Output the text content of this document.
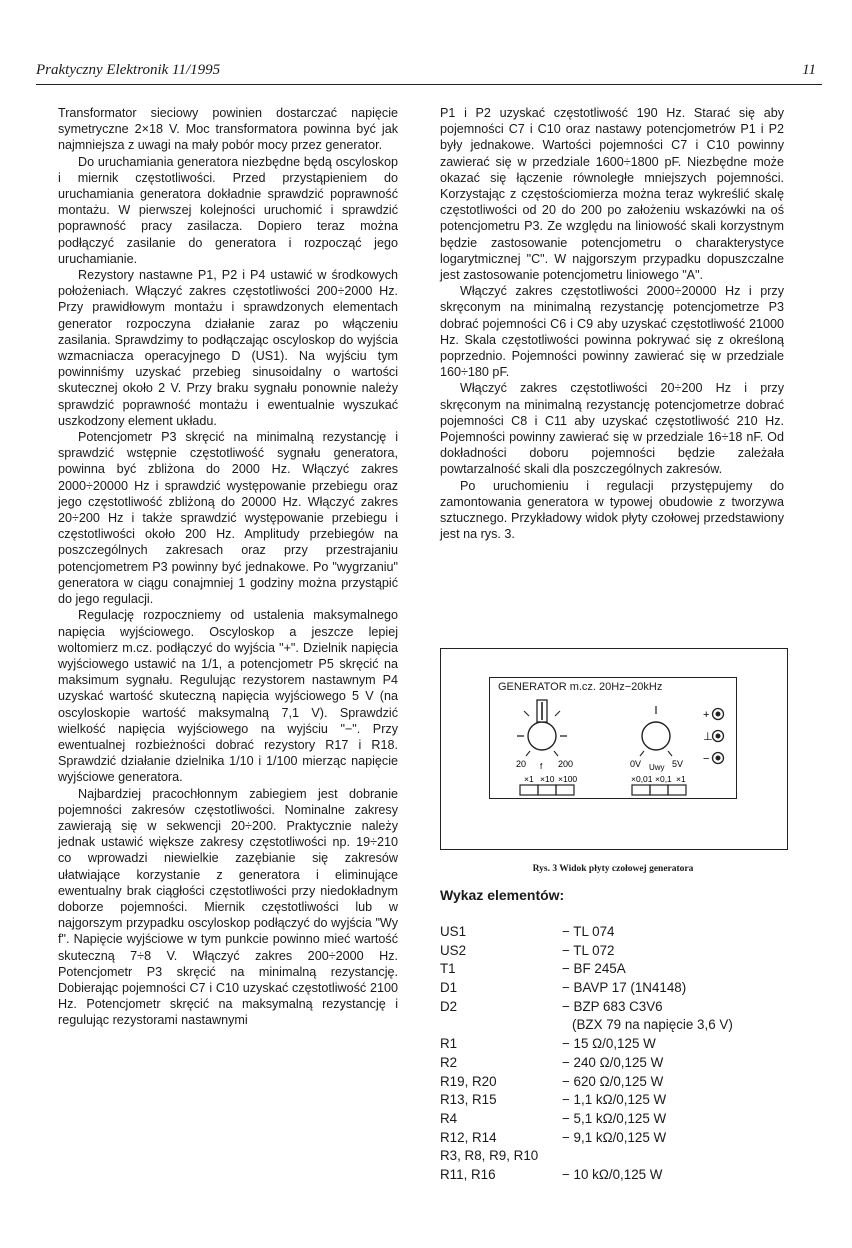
Praktyczny Elektronik 11/1995	11

Transformator sieciowy powinien dostarczać napięcie symetryczne 2×18 V. Moc transformatora powinna być jak najmniejsza z uwagi na mały pobór mocy przez generator.

Do uruchamiania generatora niezbędne będą oscyloskop i miernik częstotliwości. Przed przystąpieniem do uruchamiania generatora dokładnie sprawdzić poprawność montażu. W pierwszej kolejności uruchomić i sprawdzić poprawność pracy zasilacza. Dopiero teraz można podłączyć zasilanie do generatora i rozpocząć jego uruchamianie.

Rezystory nastawne P1, P2 i P4 ustawić w środkowych położeniach. Włączyć zakres częstotliwości 200÷2000 Hz. Przy prawidłowym montażu i sprawdzonych elementach generator rozpoczyna działanie zaraz po włączeniu zasilania. Sprawdzimy to podłączając oscyloskop do wyjścia wzmacniacza operacyjnego D (US1). Na wyjściu tym powinniśmy uzyskać przebieg sinusoidalny o wartości skutecznej około 2 V. Przy braku sygnału ponownie należy sprawdzić poprawność montażu i ewentualnie wyszukać uszkodzony element układu.

Potencjometr P3 skręcić na minimalną rezystancję i sprawdzić wstępnie częstotliwość sygnału generatora, powinna być zbliżona do 2000 Hz. Włączyć zakres 2000÷20000 Hz i sprawdzić występowanie przebiegu oraz jego częstotliwość zbliżoną do 20000 Hz. Włączyć zakres 20÷200 Hz i także sprawdzić występowanie przebiegu i częstotliwości około 200 Hz. Amplitudy przebiegów na poszczególnych zakresach oraz przy przestrajaniu potencjometrem P3 powinny być jednakowe. Po "wygrzaniu" generatora w ciągu conajmniej 1 godziny można przystąpić do jego regulacji.

Regulację rozpoczniemy od ustalenia maksymalnego napięcia wyjściowego. Oscyloskop a jeszcze lepiej woltomierz m.cz. podłączyć do wyjścia "+". Dzielnik napięcia wyjściowego ustawić na 1/1, a potencjometr P5 skręcić na maksimum sygnału. Regulując rezystorem nastawnym P4 uzyskać wartość skuteczną napięcia wyjściowego 5 V (na oscyloskopie wartość maksymalną 7,1 V). Sprawdzić wielkość napięcia wyjściowego na wyjściu "−". Przy ewentualnej rozbieżności dobrać rezystory R17 i R18. Sprawdzić działanie dzielnika 1/10 i 1/100 mierząc napięcie wyjściowe generatora.

Najbardziej pracochłonnym zabiegiem jest dobranie pojemności zakresów częstotliwości. Nominalne zakresy zawierają się w sekwencji 20÷200. Praktycznie należy jednak ustawić większe zakresy częstotliwości np. 19÷210 co wprowadzi niewielkie zazębianie się zakresów ułatwiające korzystanie z generatora i eliminujące ewentualny brak ciągłości częstotliwości przy niedokładnym doborze pojemności. Miernik częstotliwości lub w najgorszym przypadku oscyloskop podłączyć do wyjścia "Wy f". Napięcie wyjściowe w tym punkcie powinno mieć wartość skuteczną 7÷8 V. Włączyć zakres 200÷2000 Hz. Potencjometr P3 skręcić na minimalną rezystancję. Dobierając pojemności C7 i C10 uzyskać częstotliwość 2100 Hz. Potencjometr skręcić na maksymalną rezystancję i regulując rezystorami nastawnymi

P1 i P2 uzyskać częstotliwość 190 Hz. Starać się aby pojemności C7 i C10 oraz nastawy potencjometrów P1 i P2 były jednakowe. Wartości pojemności C7 i C10 powinny zawierać się w przedziale 1600÷1800 pF. Niezbędne może okazać się łączenie równoległe mniejszych pojemności. Korzystając z częstościomierza można teraz wykreślić skalę częstotliwości od 20 do 200 po założeniu wskazówki na oś potencjometru P3. Ze względu na liniowość skali korzystnym będzie zastosowanie potencjometru o charakterystyce logarytmicznej "C". W najgorszym przypadku dopuszczalne jest zastosowanie potencjometru liniowego "A".

Włączyć zakres częstotliwości 2000÷20000 Hz i przy skręconym na minimalną rezystancję potencjometrze P3 dobrać pojemności C6 i C9 aby uzyskać częstotliwość 21000 Hz. Skala częstotliwości powinna pokrywać się z określoną poprzednio. Pojemności powinny zawierać się w przedziale 160÷180 pF.

Włączyć zakres częstotliwości 20÷200 Hz i przy skręconym na minimalną rezystancję potencjometrze dobrać pojemności C8 i C11 aby uzyskać częstotliwość 210 Hz. Pojemności powinny zawierać się w przedziale 16÷18 nF. Od dokładności doboru pojemności będzie zależała powtarzalność skali dla poszczególnych zakresów.

Po uruchomieniu i regulacji przystępujemy do zamontowania generatora w typowej obudowie z tworzywa sztucznego. Przykładowy widok płyty czołowej przedstawiony jest na rys. 3.

GENERATOR m.cz. 20Hz−20kHz
20 f 200
×1 ×10 ×100
0V Uwy 5V
×0,01 ×0,1 ×1
+
⊥
−
Rys. 3 Widok płyty czołowej generatora
Wykaz elementów:
US1	− TL 074
US2	− TL 072
T1	− BF 245A
D1	− BAVP 17 (1N4148)
D2	− BZP 683 C3V6
(BZX 79 na napięcie 3,6 V)
R1	− 15 Ω/0,125 W
R2	− 240 Ω/0,125 W
R19, R20	− 620 Ω/0,125 W
R13, R15	− 1,1 kΩ/0,125 W
R4	− 5,1 kΩ/0,125 W
R12, R14	− 9,1 kΩ/0,125 W
R3, R8, R9, R10
R11, R16	− 10 kΩ/0,125 W
